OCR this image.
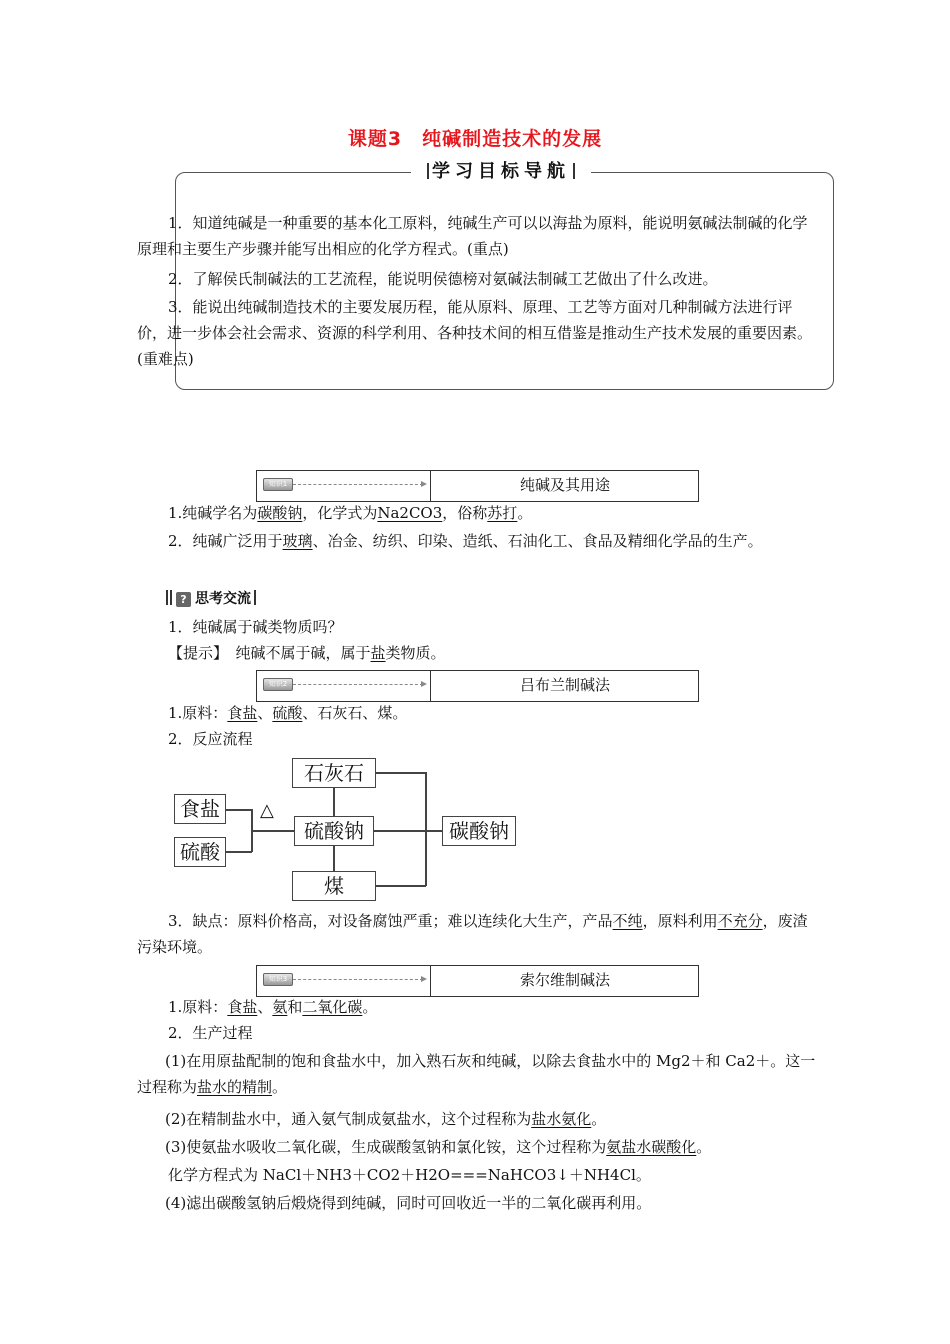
课题3　纯碱制造技术的发展
学习目标导航
1．知道纯碱是一种重要的基本化工原料，纯碱生产可以以海盐为原料，能说明氨碱法制碱的化学原理和主要生产步骤并能写出相应的化学方程式。(重点)
2．了解侯氏制碱法的工艺流程，能说明侯德榜对氨碱法制碱工艺做出了什么改进。
3．能说出纯碱制造技术的主要发展历程，能从原料、原理、工艺等方面对几种制碱方法进行评价，进一步体会社会需求、资源的科学利用、各种技术间的相互借鉴是推动生产技术发展的重要因素。(重难点)
知识1	纯碱及其用途
1.纯碱学名为碳酸钠，化学式为Na2CO3，俗称苏打。
2．纯碱广泛用于玻璃、冶金、纺织、印染、造纸、石油化工、食品及精细化学品的生产。
? 思考交流
1．纯碱属于碱类物质吗？
【提示】　纯碱不属于碱，属于盐类物质。
知识2	吕布兰制碱法
1.原料：食盐、硫酸、石灰石、煤。
2．反应流程
食盐
硫酸
△
石灰石
硫酸钠
煤
碳酸钠
3．缺点：原料价格高，对设备腐蚀严重；难以连续化大生产，产品不纯，原料利用不充分，废渣污染环境。
知识3	索尔维制碱法
1.原料：食盐、氨和二氧化碳。
2．生产过程
(1)在用原盐配制的饱和食盐水中，加入熟石灰和纯碱，以除去食盐水中的 Mg2＋和 Ca2＋。这一过程称为盐水的精制。
(2)在精制盐水中，通入氨气制成氨盐水，这个过程称为盐水氨化。
(3)使氨盐水吸收二氧化碳，生成碳酸氢钠和氯化铵，这个过程称为氨盐水碳酸化。
化学方程式为 NaCl＋NH3＋CO2＋H2O===NaHCO3↓＋NH4Cl。
(4)滤出碳酸氢钠后煅烧得到纯碱，同时可回收近一半的二氧化碳再利用。
